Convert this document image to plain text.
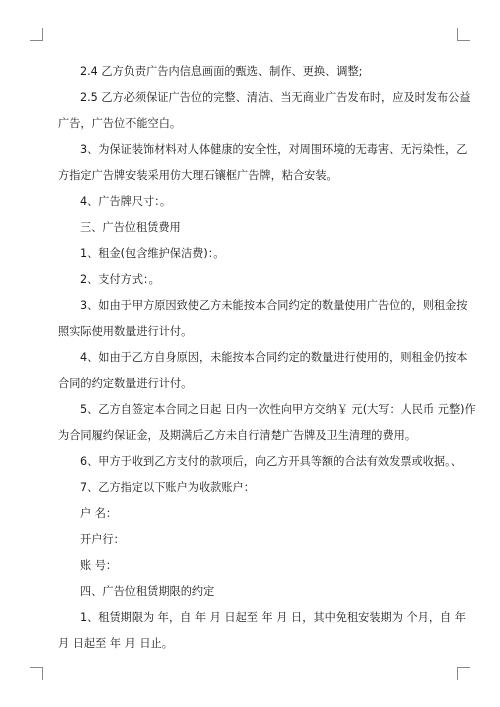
2.4 乙方负责广告内信息画面的甄选、制作、更换、调整;
2.5 乙方必须保证广告位的完整、清洁、当无商业广告发布时，应及时发布公益
广告，广告位不能空白。
3、为保证装饰材料对人体健康的安全性，对周围环境的无毒害、无污染性，乙
方指定广告牌安装采用仿大理石镶框广告牌，粘合安装。
4、广告牌尺寸：。
三、广告位租赁费用
1、租金(包含维护保洁费)：。
2、支付方式：。
3、如由于甲方原因致使乙方未能按本合同约定的数量使用广告位的，则租金按
照实际使用数量进行计付。
4、如由于乙方自身原因，未能按本合同约定的数量进行使用的，则租金仍按本
合同的约定数量进行计付。
5、乙方自签定本合同之日起 日内一次性向甲方交纳￥ 元(大写：人民币 元整)作
为合同履约保证金，及期满后乙方未自行清楚广告牌及卫生清理的费用。
6、甲方于收到乙方支付的款项后，向乙方开具等额的合法有效发票或收据。、
7、乙方指定以下账户为收款账户：
户 名：
开户行：
账 号：
四、广告位租赁期限的约定
1、租赁期限为 年，自 年 月 日起至 年 月 日，其中免租安装期为 个月，自 年
月 日起至 年 月 日止。
